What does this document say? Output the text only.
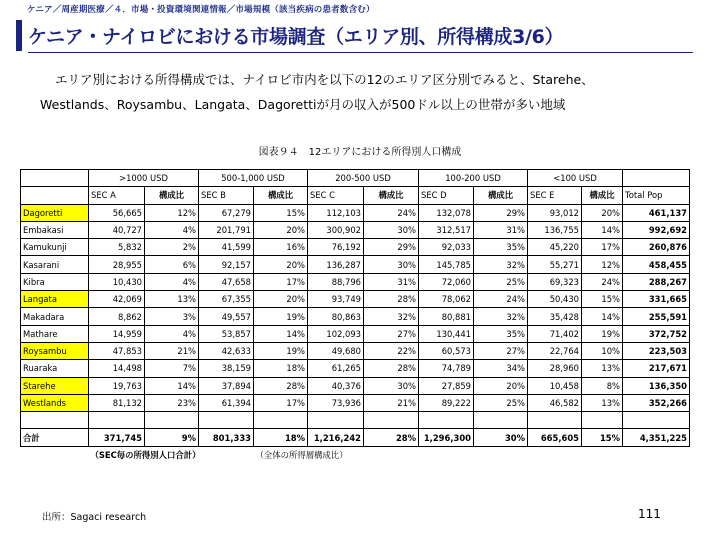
ケニア／周産期医療／４．市場・投資環境関連情報／市場規模（該当疾病の患者数含む）
ケニア・ナイロビにおける市場調査（エリア別、所得構成3/6）
エリア別における所得構成では、ナイロビ市内を以下の12のエリア区分別でみると、Starehe、
Westlands、Roysambu、Langata、Dagorettiが月の収入が500ドル以上の世帯が多い地域
図表９４　12エリアにおける所得別人口構成
	>1000 USD		500-1,000 USD		200-500 USD		100-200 USD		<100 USD		
	SEC A	構成比	SEC B	構成比	SEC C	構成比	SEC D	構成比	SEC E	構成比	Total Pop
Dagoretti	56,665	12%	67,279	15%	112,103	24%	132,078	29%	93,012	20%	461,137
Embakasi	40,727	4%	201,791	20%	300,902	30%	312,517	31%	136,755	14%	992,692
Kamukunji	5,832	2%	41,599	16%	76,192	29%	92,033	35%	45,220	17%	260,876
Kasarani	28,955	6%	92,157	20%	136,287	30%	145,785	32%	55,271	12%	458,455
Kibra	10,430	4%	47,658	17%	88,796	31%	72,060	25%	69,323	24%	288,267
Langata	42,069	13%	67,355	20%	93,749	28%	78,062	24%	50,430	15%	331,665
Makadara	8,862	3%	49,557	19%	80,863	32%	80,881	32%	35,428	14%	255,591
Mathare	14,959	4%	53,857	14%	102,093	27%	130,441	35%	71,402	19%	372,752
Roysambu	47,853	21%	42,633	19%	49,680	22%	60,573	27%	22,764	10%	223,503
Ruaraka	14,498	7%	38,159	18%	61,265	28%	74,789	34%	28,960	13%	217,671
Starehe	19,763	14%	37,894	28%	40,376	30%	27,859	20%	10,458	8%	136,350
Westlands	81,132	23%	61,394	17%	73,936	21%	89,222	25%	46,582	13%	352,266

合計	371,745	9%	801,333	18%	1,216,242	28%	1,296,300	30%	665,605	15%	4,351,225
	（SEC毎の所得別人口合計）			（全体の所得層構成比）							
出所：Sagaci research	111
